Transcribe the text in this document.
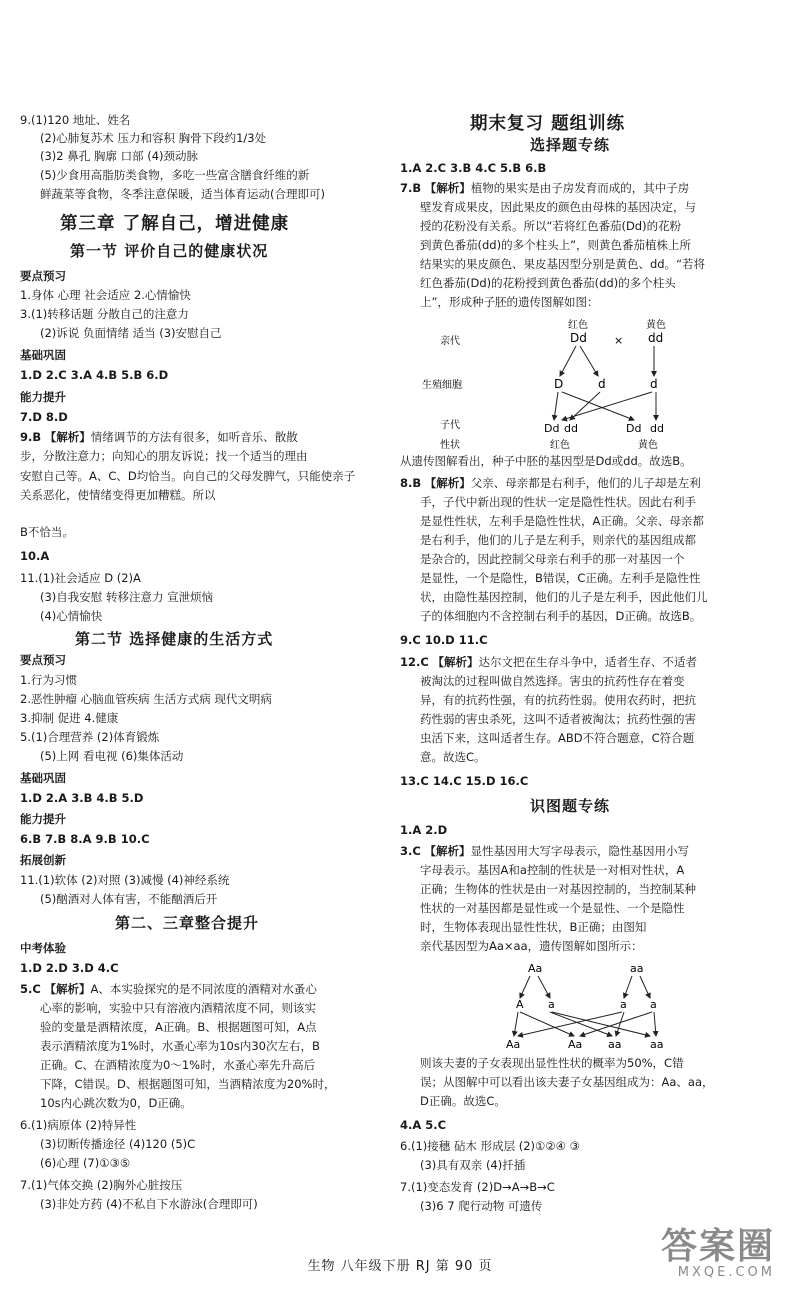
9.(1)120 地址、姓名
(2)心肺复苏术 压力和容积 胸骨下段约1/3处
(3)2 鼻孔 胸廓 口部 (4)颈动脉
(5)少食用高脂肪类食物，多吃一些富含膳食纤维的新
鲜蔬菜等食物，冬季注意保暖，适当体育运动(合理即可)
第三章 了解自己，增进健康
第一节 评价自己的健康状况
要点预习
1.身体 心理 社会适应 2.心情愉快
3.(1)转移话题 分散自己的注意力
(2)诉说 负面情绪 适当 (3)安慰自己
基础巩固
1.D 2.C 3.A 4.B 5.B 6.D
能力提升
7.D 8.D
9.B 【解析】情绪调节的方法有很多，如听音乐、散散
步，分散注意力；向知心的朋友诉说；找一个适当的理由
安慰自己等。A、C、D均恰当。向自己的父母发脾气，只能使亲子关系恶化，使情绪变得更加糟糕。所以
B不恰当。
10.A
11.(1)社会适应 D (2)A
(3)自我安慰 转移注意力 宣泄烦恼
(4)心情愉快
第二节 选择健康的生活方式
要点预习
1.行为习惯
2.恶性肿瘤 心脑血管疾病 生活方式病 现代文明病
3.抑制 促进 4.健康
5.(1)合理营养 (2)体育锻炼
(5)上网 看电视 (6)集体活动
基础巩固
1.D 2.A 3.B 4.B 5.D
能力提升
6.B 7.B 8.A 9.B 10.C
拓展创新
11.(1)软体 (2)对照 (3)减慢 (4)神经系统
(5)酗酒对人体有害，不能酗酒后开
第二、三章整合提升
中考体验
1.D 2.D 3.D 4.C
5.C 【解析】A、本实验探究的是不同浓度的酒精对水蚤心
心率的影响，实验中只有溶液内酒精浓度不同，则该实
验的变量是酒精浓度，A正确。B、根据题图可知，A点
表示酒精浓度为1%时，水蚤心率为10s内30次左右，B
正确。C、在酒精浓度为0～1%时，水蚤心率先升高后
下降，C错误。D、根据题图可知，当酒精浓度为20%时，
10s内心跳次数为0，D正确。
6.(1)病原体 (2)特异性
(3)切断传播途径 (4)120 (5)C
(6)心理 (7)①③⑤
7.(1)气体交换 (2)胸外心脏按压
(3)非处方药 (4)不私自下水游泳(合理即可)
期末复习 题组训练
选择题专练
1.A 2.C 3.B 4.C 5.B 6.B
7.B 【解析】植物的果实是由子房发育而成的，其中子房
壁发育成果皮，因此果皮的颜色由母株的基因决定，与
授的花粉没有关系。所以“若将红色番茄(Dd)的花粉
到黄色番茄(dd)的多个柱头上”，则黄色番茄植株上所
结果实的果皮颜色、果皮基因型分别是黄色、dd。“若将
红色番茄(Dd)的花粉授到黄色番茄(dd)的多个柱头
上”，形成种子胚的遗传图解如图：
红色	黄色
亲代	Dd × dd
生殖细胞	D	d	d
子代	Dd dd	Dd dd
性状	红色	黄色
从遗传图解看出，种子中胚的基因型是Dd或dd。故选B。
8.B 【解析】父亲、母亲都是右利手，他们的儿子却是左利
手，子代中新出现的性状一定是隐性性状。因此右利手
是显性性状，左利手是隐性性状，A正确。父亲、母亲都
是右利手，他们的儿子是左利手，则亲代的基因组成都
是杂合的，因此控制父母亲右利手的那一对基因一个
是显性，一个是隐性，B错误，C正确。左利手是隐性性
状，由隐性基因控制，他们的儿子是左利手，因此他们儿
子的体细胞内不含控制右利手的基因，D正确。故选B。
9.C 10.D 11.C
12.C 【解析】达尔文把在生存斗争中，适者生存、不适者
被淘汰的过程叫做自然选择。害虫的抗药性存在着变
异，有的抗药性强，有的抗药性弱。使用农药时，把抗
药性弱的害虫杀死，这叫不适者被淘汰；抗药性强的害
虫活下来，这叫适者生存。ABD不符合题意，C符合题
意。故选C。
13.C 14.C 15.D 16.C
识图题专练
1.A 2.D
3.C 【解析】显性基因用大写字母表示，隐性基因用小写
字母表示。基因A和a控制的性状是一对相对性状，A
正确；生物体的性状是由一对基因控制的，当控制某种
性状的一对基因都是显性或一个是显性、一个是隐性
时，生物体表现出显性性状，B正确；由图知
亲代基因型为Aa×aa，遗传图解如图所示：
Aa	aa
A a	a a
Aa	Aa aa	aa
则该夫妻的子女表现出显性性状的概率为50%，C错
误；从图解中可以看出该夫妻子女基因组成为：Aa、aa，
D正确。故选C。
4.A 5.C
6.(1)接穗 砧木 形成层 (2)①②④ ③
(3)具有双亲 (4)扦插
7.(1)变态发育 (2)D→A→B→C
(3)6 7 爬行动物 可遗传
生物 八年级下册 RJ 第 90 页	答案圈
MXQE.COM
